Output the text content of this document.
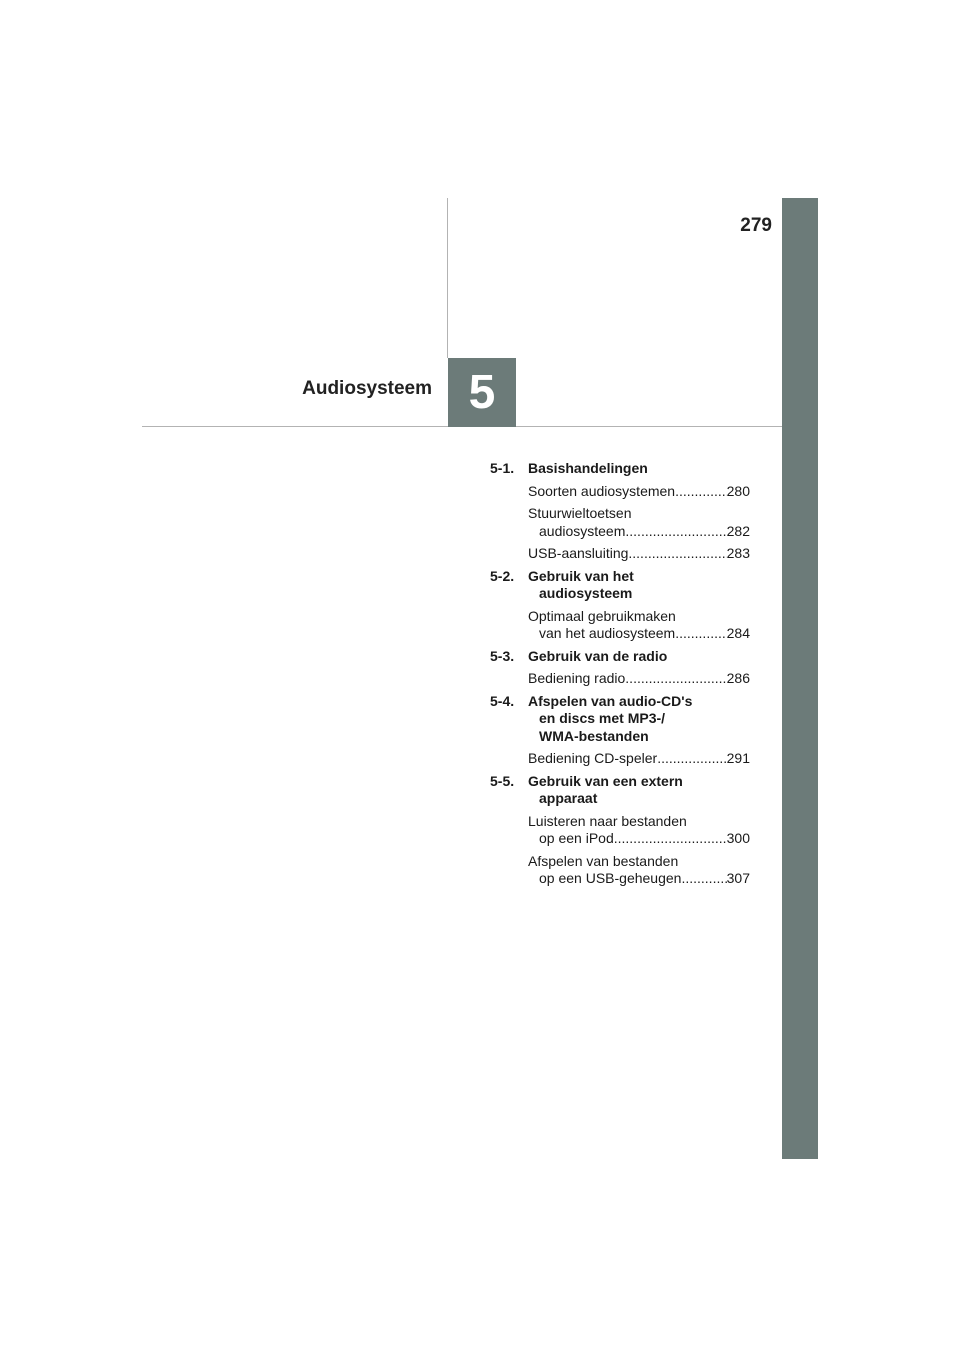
279
5
Audiosysteem
5-1. Basishandelingen
Soorten audiosystemen .....	280
Stuurwieltoetsen
audiosysteem .....	282
USB-aansluiting .....	283
5-2. Gebruik van het
audiosysteem
Optimaal gebruikmaken
van het audiosysteem .....	284
5-3. Gebruik van de radio
Bediening radio .....	286
5-4. Afspelen van audio-CD's
en discs met MP3-/
WMA-bestanden
Bediening CD-speler .....	291
5-5. Gebruik van een extern
apparaat
Luisteren naar bestanden
op een iPod .....	300
Afspelen van bestanden
op een USB-geheugen .....	307
